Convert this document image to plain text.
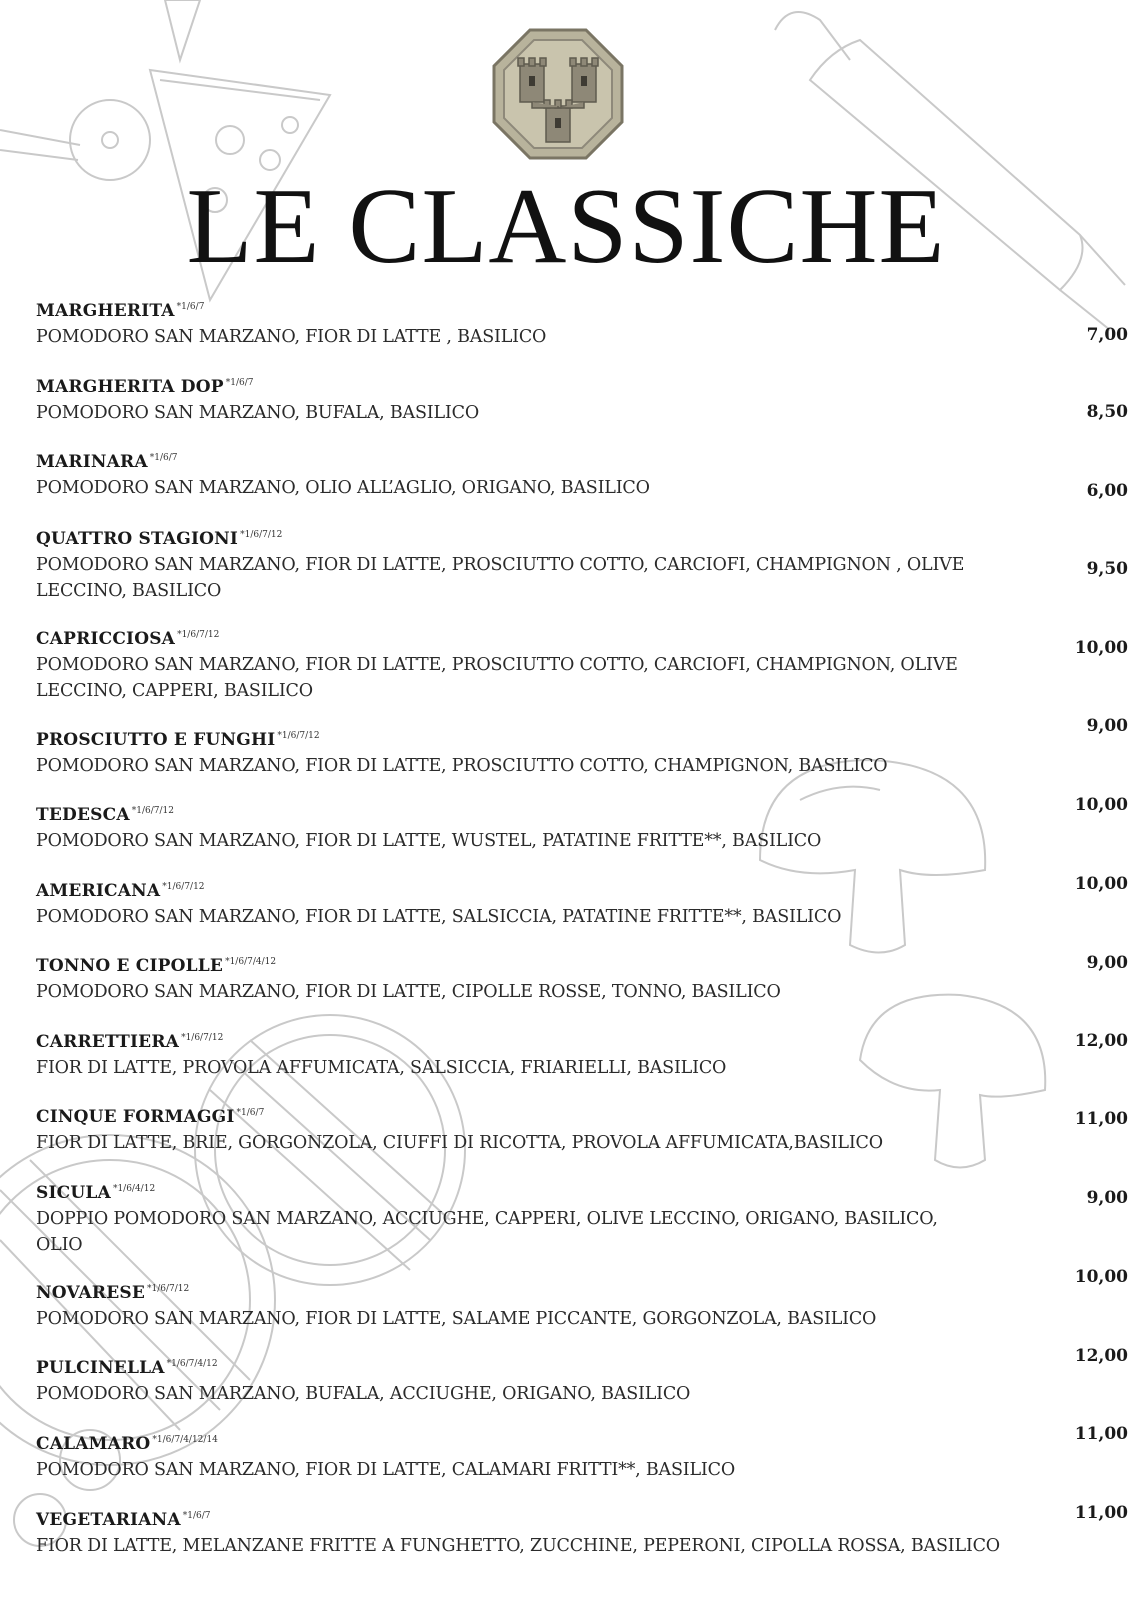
LE CLASSICHE
MARGHERITA $^{*1/6/7}$
POMODORO SAN MARZANO, FIOR DI LATTE , BASILICO	7,00
MARGHERITA DOP $^{*1/6/7}$
POMODORO SAN MARZANO, BUFALA, BASILICO	8,50
MARINARA $^{*1/6/7}$
POMODORO SAN MARZANO, OLIO ALL’AGLIO, ORIGANO, BASILICO	6,00
QUATTRO STAGIONI $^{*1/6/7/12}$
POMODORO SAN MARZANO, FIOR DI LATTE, PROSCIUTTO COTTO, CARCIOFI, CHAMPIGNON , OLIVE LECCINO, BASILICO
9,50
CAPRICCIOSA $^{*1/6/7/12}$
POMODORO SAN MARZANO, FIOR DI LATTE, PROSCIUTTO COTTO, CARCIOFI, CHAMPIGNON, OLIVE LECCINO, CAPPERI, BASILICO
10,00
PROSCIUTTO E FUNGHI $^{*1/6/7/12}$
POMODORO SAN MARZANO, FIOR DI LATTE, PROSCIUTTO COTTO, CHAMPIGNON, BASILICO
9,00
TEDESCA $^{*1/6/7/12}$
POMODORO SAN MARZANO, FIOR DI LATTE, WUSTEL, PATATINE FRITTE**, BASILICO
10,00
AMERICANA $^{*1/6/7/12}$
POMODORO SAN MARZANO, FIOR DI LATTE, SALSICCIA, PATATINE FRITTE**, BASILICO
10,00
TONNO E CIPOLLE $^{*1/6/7/4/12}$
POMODORO SAN MARZANO, FIOR DI LATTE, CIPOLLE ROSSE, TONNO, BASILICO
9,00
CARRETTIERA $^{*1/6/7/12}$
FIOR DI LATTE, PROVOLA AFFUMICATA, SALSICCIA, FRIARIELLI, BASILICO
12,00
CINQUE FORMAGGI $^{*1/6/7}$
FIOR DI LATTE, BRIE, GORGONZOLA, CIUFFI DI RICOTTA, PROVOLA AFFUMICATA,BASILICO
11,00
SICULA $^{*1/6/4/12}$
DOPPIO POMODORO SAN MARZANO, ACCIUGHE, CAPPERI, OLIVE LECCINO, ORIGANO, BASILICO, OLIO
9,00
NOVARESE $^{*1/6/7/12}$
POMODORO SAN MARZANO, FIOR DI LATTE, SALAME PICCANTE, GORGONZOLA, BASILICO
10,00
PULCINELLA $^{*1/6/7/4/12}$
POMODORO SAN MARZANO, BUFALA, ACCIUGHE, ORIGANO, BASILICO
12,00
CALAMARO $^{*1/6/7/4/12/14}$
POMODORO SAN MARZANO, FIOR DI LATTE, CALAMARI FRITTI**, BASILICO
11,00
VEGETARIANA $^{*1/6/7}$
FIOR DI LATTE, MELANZANE FRITTE A FUNGHETTO, ZUCCHINE, PEPERONI, CIPOLLA ROSSA, BASILICO
11,00
